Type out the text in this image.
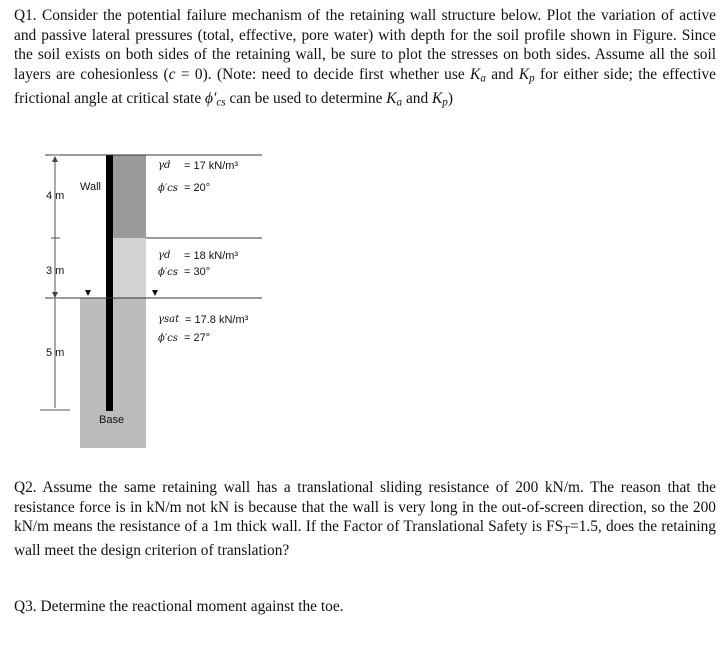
Q1. Consider the potential failure mechanism of the retaining wall structure below. Plot the variation of active and passive lateral pressures (total, effective, pore water) with depth for the soil profile shown in Figure. Since the soil exists on both sides of the retaining wall, be sure to plot the stresses on both sides. Assume all the soil layers are cohesionless (c = 0). (Note: need to decide first whether use $K_a$ and $K_p$ for either side; the effective frictional angle at critical state $\phi'_{cs}$ can be used to determine $K_a$ and $K_p$)

4 m
3 m
5 m
Wall
Base
γd = 17 kN/m³
ϕ′cs = 20°
γd = 18 kN/m³
ϕ′cs = 30°
γsat = 17.8 kN/m³
ϕ′cs = 27°

Q2. Assume the same retaining wall has a translational sliding resistance of 200 kN/m. The reason that the resistance force is in kN/m not kN is because that the wall is very long in the out-of-screen direction, so the 200 kN/m means the resistance of a 1m thick wall. If the Factor of Translational Safety is $FS_T=1.5$, does the retaining wall meet the design criterion of translation?

Q3. Determine the reactional moment against the toe.
